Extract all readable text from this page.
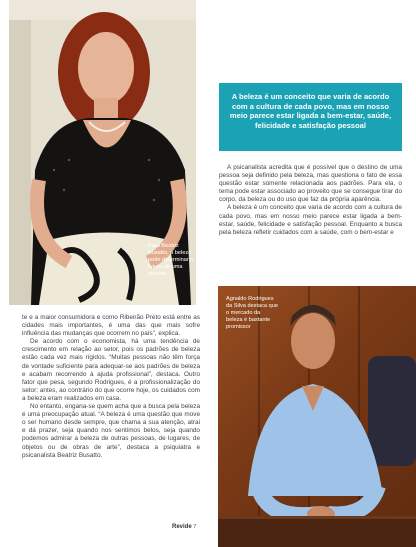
Para Beatriz Busatto, a beleza pode determinar o futuro de uma pessoa
A beleza é um conceito que varia de acordo com a cultura de cada povo, mas em nosso meio parece estar ligada a bem-estar, saúde, felicidade e satisfação pessoal

A psicanalista acredita que é possível que o destino de uma pessoa seja definido pela beleza, mas questiona o fato de essa questão estar somente relacionada aos padrões. Para ela, o tema pode estar associado ao proveito que se consegue tirar do corpo, da beleza ou do uso que faz da própria aparência.

A beleza é um conceito que varia de acordo com a cultura de cada povo, mas em nosso meio parece estar ligada a bem-estar, saúde, felicidade e satisfação pessoal. Enquanto a busca pela beleza refletir cuidados com a saúde, com o bem-estar e

Agnaldo Rodrigues da Silva destaca que o mercado da beleza é bastante promissor

te e a maior consumidora e como Ribeirão Preto está entre as cidades mais importantes, é uma das que mais sofre influência das mudanças que ocorrem no país”, explica.

De acordo com o economista, há uma tendência de crescimento em relação ao setor, pois os padrões de beleza estão cada vez mais rígidos. “Muitas pessoas não têm força de vontade suficiente para adequar-se aos padrões de beleza e acabam recorrendo à ajuda profissional”, destaca. Outro fator que pesa, segundo Rodrigues, é a profissionalização do setor: antes, ao contrário do que ocorre hoje, os cuidados com a beleza eram realizados em casa.

No entanto, engana-se quem acha que a busca pela beleza é uma preocupação atual. “A beleza é uma questão que move o ser humano desde sempre, que chama a sua atenção, atrai e dá prazer, seja quando nos sentimos belos, seja quando podemos admirar a beleza de outras pessoas, de lugares, de objetos ou de obras de arte”, destaca a psiquiatra e psicanalista Beatriz Busatto.

Revide 7
